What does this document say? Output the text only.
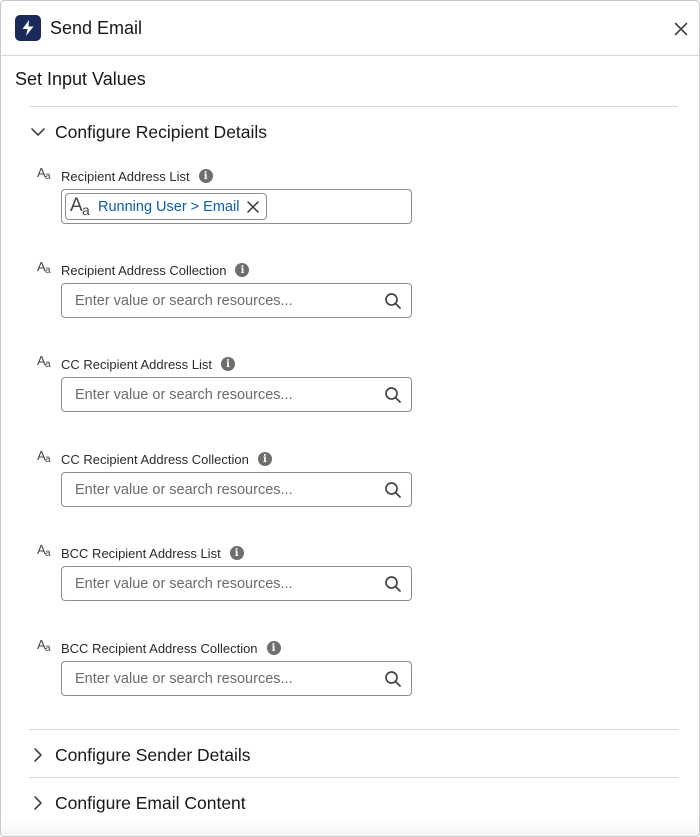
Send Email
Set Input Values
Configure Recipient Details
A a Recipient Address List	i
A a Running User > Email
A a Recipient Address Collection	i
Enter value or search resources...
A a CC Recipient Address List	i
Enter value or search resources...
A a CC Recipient Address Collection	i
Enter value or search resources...
A a BCC Recipient Address List	i
Enter value or search resources...
A a BCC Recipient Address Collection	i
Enter value or search resources...
Configure Sender Details
Configure Email Content
